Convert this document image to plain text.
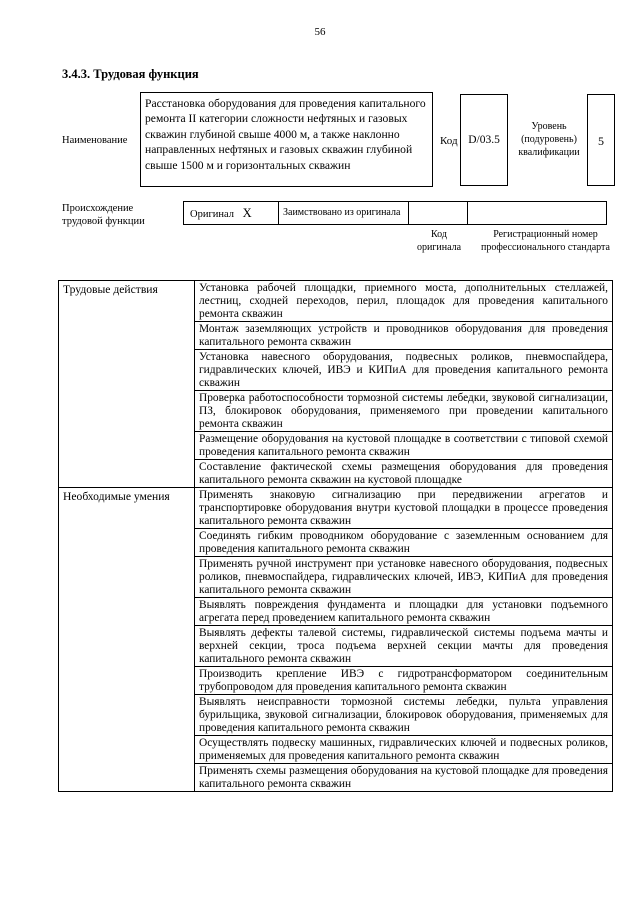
56
3.4.3. Трудовая функция
Наименование
Расстановка оборудования для проведения капитального ремонта II категории сложности нефтяных и газовых скважин глубиной свыше 4000 м, а также наклонно направленных нефтяных и газовых скважин глубиной свыше 1500 м и горизонтальных скважин
Код D/03.5
Уровень (подуровень) квалификации
5
Происхождение трудовой функции
Оригинал X	Заимствовано из оригинала		
Код оригинала
Регистрационный номер профессионального стандарта
Трудовые действия	Установка рабочей площадки, приемного моста, дополнительных стеллажей, лестниц, сходней переходов, перил, площадок для проведения капитального ремонта скважин
	Монтаж заземляющих устройств и проводников оборудования для проведения капитального ремонта скважин
	Установка навесного оборудования, подвесных роликов, пневмоспайдера, гидравлических ключей, ИВЭ и КИПиА для проведения капитального ремонта скважин
	Проверка работоспособности тормозной системы лебедки, звуковой сигнализации, ПЗ, блокировок оборудования, применяемого при проведении капитального ремонта скважин
	Размещение оборудования на кустовой площадке в соответствии с типовой схемой проведения капитального ремонта скважин
	Составление фактической схемы размещения оборудования для проведения капитального ремонта скважин на кустовой площадке
Необходимые умения	Применять знаковую сигнализацию при передвижении агрегатов и транспортировке оборудования внутри кустовой площадки в процессе проведения капитального ремонта скважин
	Соединять гибким проводником оборудование с заземленным основанием для проведения капитального ремонта скважин
	Применять ручной инструмент при установке навесного оборудования, подвесных роликов, пневмоспайдера, гидравлических ключей, ИВЭ, КИПиА для проведения капитального ремонта скважин
	Выявлять повреждения фундамента и площадки для установки подъемного агрегата перед проведением капитального ремонта скважин
	Выявлять дефекты талевой системы, гидравлической системы подъема мачты и верхней секции, троса подъема верхней секции мачты для проведения капитального ремонта скважин
	Производить крепление ИВЭ с гидротрансформатором соединительным трубопроводом для проведения капитального ремонта скважин
	Выявлять неисправности тормозной системы лебедки, пульта управления бурильщика, звуковой сигнализации, блокировок оборудования, применяемых для проведения капитального ремонта скважин
	Осуществлять подвеску машинных, гидравлических ключей и подвесных роликов, применяемых для проведения капитального ремонта скважин
	Применять схемы размещения оборудования на кустовой площадке для проведения капитального ремонта скважин
